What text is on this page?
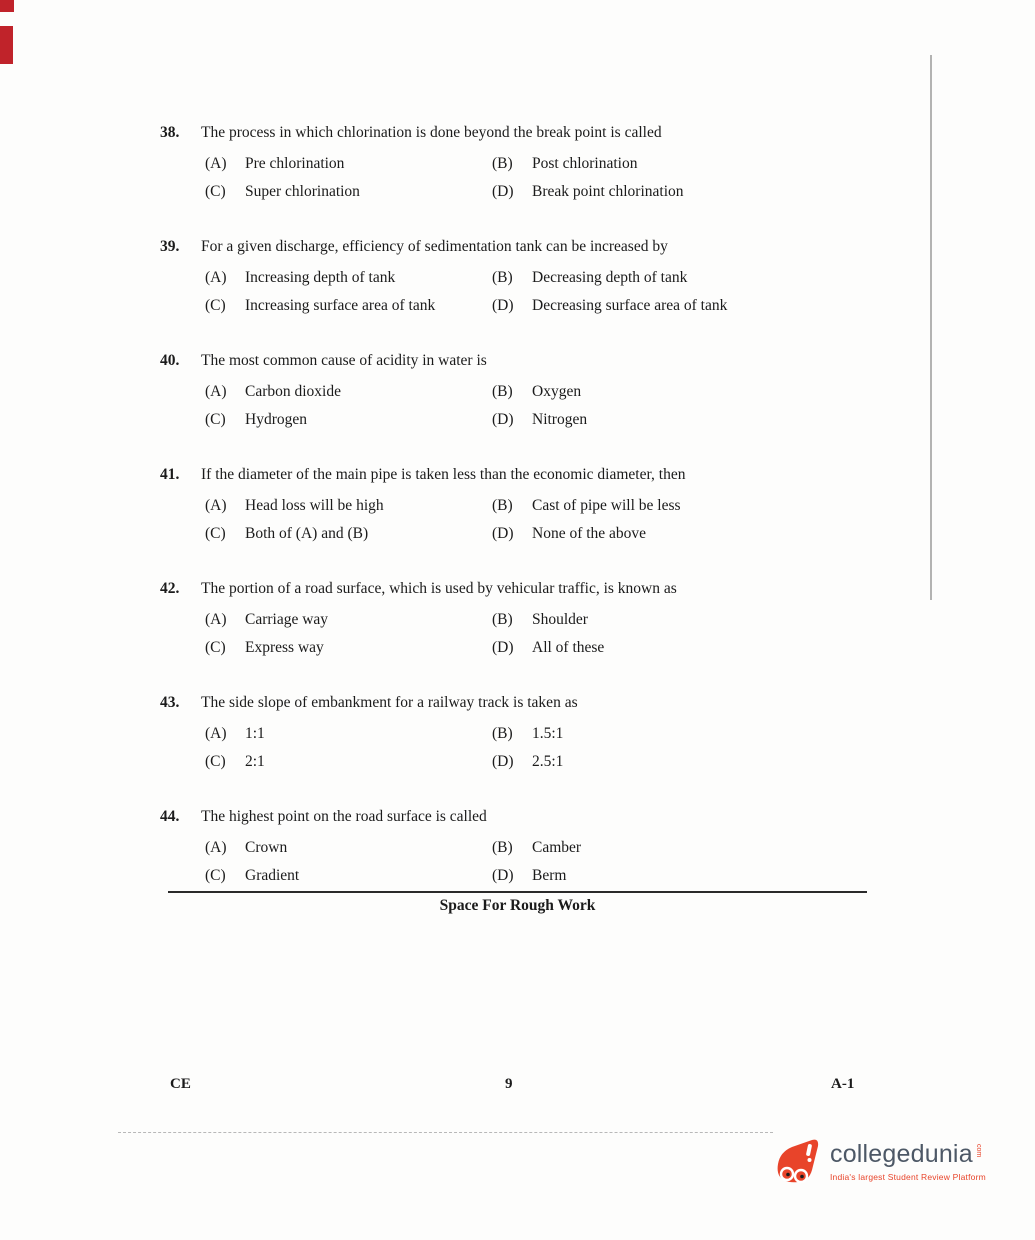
38.	The process in which chlorination is done beyond the break point is called
(A)	Pre chlorination	(B)	Post chlorination
(C)	Super chlorination	(D)	Break point chlorination
39.	For a given discharge, efficiency of sedimentation tank can be increased by
(A)	Increasing depth of tank	(B)	Decreasing depth of tank
(C)	Increasing surface area of tank	(D)	Decreasing surface area of tank
40.	The most common cause of acidity in water is
(A)	Carbon dioxide	(B)	Oxygen
(C)	Hydrogen	(D)	Nitrogen
41.	If the diameter of the main pipe is taken less than the economic diameter, then
(A)	Head loss will be high	(B)	Cast of pipe will be less
(C)	Both of (A) and (B)	(D)	None of the above
42.	The portion of a road surface, which is used by vehicular traffic, is known as
(A)	Carriage way	(B)	Shoulder
(C)	Express way	(D)	All of these
43.	The side slope of embankment for a railway track is taken as
(A)	1:1	(B)	1.5:1
(C)	2:1	(D)	2.5:1
44.	The highest point on the road surface is called
(A)	Crown	(B)	Camber
(C)	Gradient	(D)	Berm
Space For Rough Work
CE	9	A-1
collegedunia com
India's largest Student Review Platform
